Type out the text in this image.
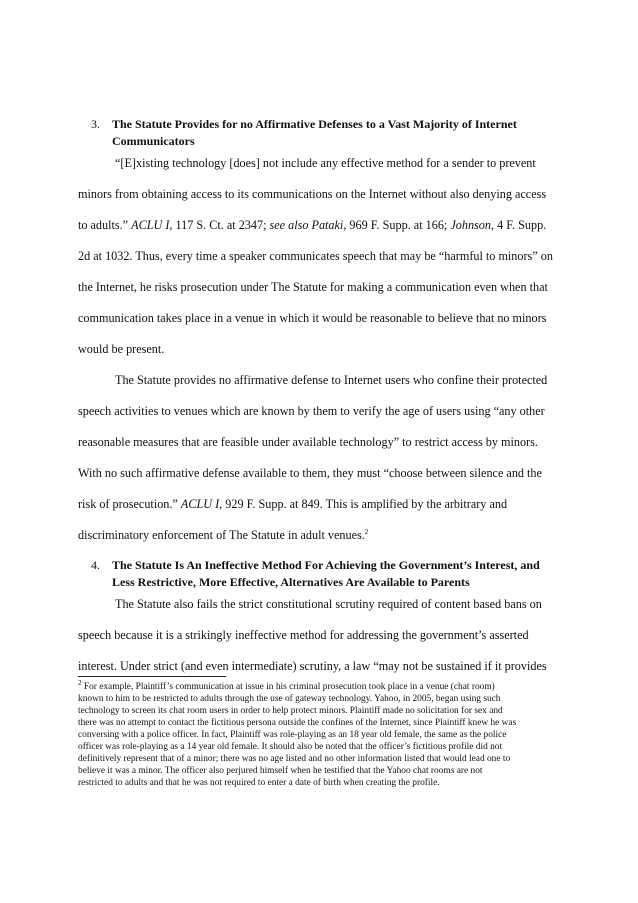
3. The Statute Provides for no Affirmative Defenses to a Vast Majority of Internet
Communicators
“[E]xisting technology [does] not include any effective method for a sender to prevent
minors from obtaining access to its communications on the Internet without also denying access
to adults.” ACLU I, 117 S. Ct. at 2347; see also Pataki, 969 F. Supp. at 166; Johnson, 4 F. Supp.
2d at 1032. Thus, every time a speaker communicates speech that may be “harmful to minors” on
the Internet, he risks prosecution under The Statute for making a communication even when that
communication takes place in a venue in which it would be reasonable to believe that no minors
would be present.
The Statute provides no affirmative defense to Internet users who confine their protected
speech activities to venues which are known by them to verify the age of users using “any other
reasonable measures that are feasible under available technology” to restrict access by minors.
With no such affirmative defense available to them, they must “choose between silence and the
risk of prosecution.” ACLU I, 929 F. Supp. at 849. This is amplified by the arbitrary and
discriminatory enforcement of The Statute in adult venues.$^2$
4. The Statute Is An Ineffective Method For Achieving the Government’s Interest, and
Less Restrictive, More Effective, Alternatives Are Available to Parents
The Statute also fails the strict constitutional scrutiny required of content based bans on
speech because it is a strikingly ineffective method for addressing the government’s asserted
interest. Under strict (and even intermediate) scrutiny, a law “may not be sustained if it provides
$^2$ For example, Plaintiff’s communication at issue in his criminal prosecution took place in a venue (chat room)
known to him to be restricted to adults through the use of gateway technology. Yahoo, in 2005, began using such
technology to screen its chat room users in order to help protect minors. Plaintiff made no solicitation for sex and
there was no attempt to contact the fictitious persona outside the confines of the Internet, since Plaintiff knew he was
conversing with a police officer. In fact, Plaintiff was role-playing as an 18 year old female, the same as the police
officer was role-playing as a 14 year old female. It should also be noted that the officer’s fictitious profile did not
definitively represent that of a minor; there was no age listed and no other information listed that would lead one to
believe it was a minor. The officer also perjured himself when he testified that the Yahoo chat rooms are not
restricted to adults and that he was not required to enter a date of birth when creating the profile.
